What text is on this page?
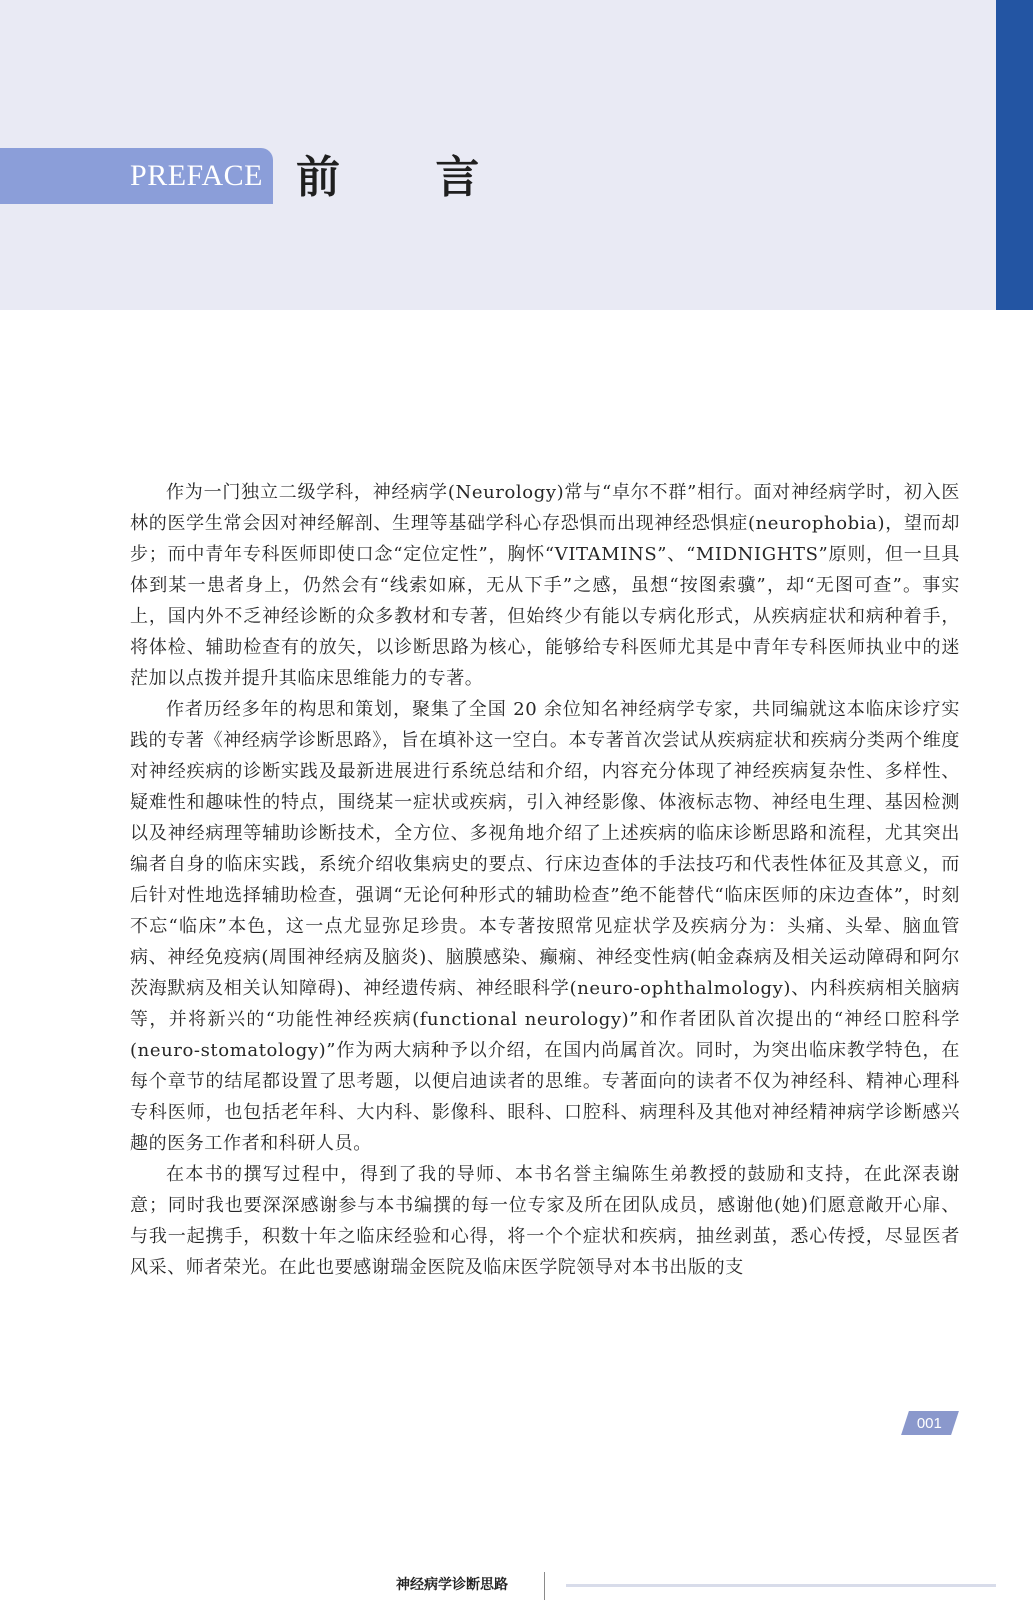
PREFACE 前 言

作为一门独立二级学科，神经病学(Neurology)常与“卓尔不群”相行。面对神经病学时，初入医林的医学生常会因对神经解剖、生理等基础学科心存恐惧而出现神经恐惧症(neurophobia)，望而却步；而中青年专科医师即使口念“定位定性”，胸怀“VITAMINS”、“MIDNIGHTS”原则，但一旦具体到某一患者身上，仍然会有“线索如麻，无从下手”之感，虽想“按图索骥”，却“无图可查”。事实上，国内外不乏神经诊断的众多教材和专著，但始终少有能以专病化形式，从疾病症状和病种着手，将体检、辅助检查有的放矢，以诊断思路为核心，能够给专科医师尤其是中青年专科医师执业中的迷茫加以点拨并提升其临床思维能力的专著。

作者历经多年的构思和策划，聚集了全国 20 余位知名神经病学专家，共同编就这本临床诊疗实践的专著《神经病学诊断思路》，旨在填补这一空白。本专著首次尝试从疾病症状和疾病分类两个维度对神经疾病的诊断实践及最新进展进行系统总结和介绍，内容充分体现了神经疾病复杂性、多样性、疑难性和趣味性的特点，围绕某一症状或疾病，引入神经影像、体液标志物、神经电生理、基因检测以及神经病理等辅助诊断技术，全方位、多视角地介绍了上述疾病的临床诊断思路和流程，尤其突出编者自身的临床实践，系统介绍收集病史的要点、行床边查体的手法技巧和代表性体征及其意义，而后针对性地选择辅助检查，强调“无论何种形式的辅助检查”绝不能替代“临床医师的床边查体”，时刻不忘“临床”本色，这一点尤显弥足珍贵。本专著按照常见症状学及疾病分为：头痛、头晕、脑血管病、神经免疫病(周围神经病及脑炎)、脑膜感染、癫痫、神经变性病(帕金森病及相关运动障碍和阿尔茨海默病及相关认知障碍)、神经遗传病、神经眼科学(neuro-ophthalmology)、内科疾病相关脑病等，并将新兴的“功能性神经疾病(functional neurology)”和作者团队首次提出的“神经口腔科学(neuro-stomatology)”作为两大病种予以介绍，在国内尚属首次。同时，为突出临床教学特色，在每个章节的结尾都设置了思考题，以便启迪读者的思维。专著面向的读者不仅为神经科、精神心理科专科医师，也包括老年科、大内科、影像科、眼科、口腔科、病理科及其他对神经精神病学诊断感兴趣的医务工作者和科研人员。

在本书的撰写过程中，得到了我的导师、本书名誉主编陈生弟教授的鼓励和支持，在此深表谢意；同时我也要深深感谢参与本书编撰的每一位专家及所在团队成员，感谢他(她)们愿意敞开心扉、与我一起携手，积数十年之临床经验和心得，将一个个症状和疾病，抽丝剥茧，悉心传授，尽显医者风采、师者荣光。在此也要感谢瑞金医院及临床医学院领导对本书出版的支

001
神经病学诊断思路
